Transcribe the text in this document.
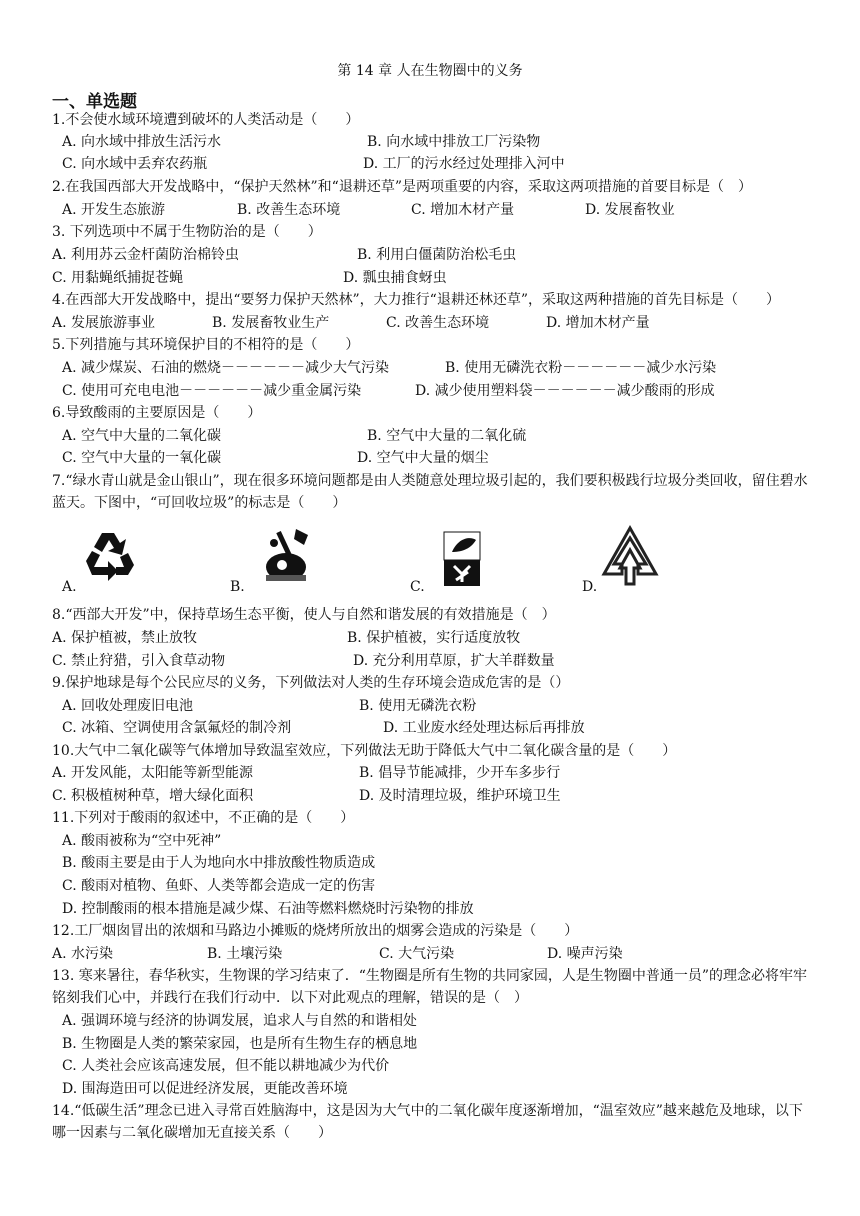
第 14 章 人在生物圈中的义务
一、单选题
1.不会使水域环境遭到破坏的人类活动是（　　）
A. 向水域中排放生活污水	B. 向水域中排放工厂污染物
C. 向水域中丢弃农药瓶	D. 工厂的污水经过处理排入河中
2.在我国西部大开发战略中，“保护天然林”和“退耕还草”是两项重要的内容，采取这两项措施的首要目标是（　）
A. 开发生态旅游	B. 改善生态环境	C. 增加木材产量	D. 发展畜牧业
3. 下列选项中不属于生物防治的是（　　）
A. 利用苏云金杆菌防治棉铃虫	B. 利用白僵菌防治松毛虫
C. 用黏蝇纸捕捉苍蝇	D. 瓢虫捕食蚜虫
4.在西部大开发战略中，提出“要努力保护天然林”，大力推行“退耕还林还草”，采取这两种措施的首先目标是（　　）
A. 发展旅游事业	B. 发展畜牧业生产	C. 改善生态环境	D. 增加木材产量
5.下列措施与其环境保护目的不相符的是（　　）
A. 减少煤炭、石油的燃烧－－－－－－减少大气污染	B. 使用无磷洗衣粉－－－－－－减少水污染
C. 使用可充电电池－－－－－－减少重金属污染	D. 减少使用塑料袋－－－－－－减少酸雨的形成
6.导致酸雨的主要原因是（　　）
A. 空气中大量的二氧化碳	B. 空气中大量的二氧化硫
C. 空气中大量的一氧化碳	D. 空气中大量的烟尘
7.“绿水青山就是金山银山”，现在很多环境问题都是由人类随意处理垃圾引起的，我们要积极践行垃圾分类回收，留住碧水蓝天。下图中，“可回收垃圾”的标志是（　　）
A.	B.	C.	D.
8.“西部大开发”中，保持草场生态平衡，使人与自然和谐发展的有效措施是（　）
A. 保护植被，禁止放牧	B. 保护植被，实行适度放牧
C. 禁止狩猎，引入食草动物	D. 充分利用草原，扩大羊群数量
9.保护地球是每个公民应尽的义务，下列做法对人类的生存环境会造成危害的是（）
A. 回收处理废旧电池	B. 使用无磷洗衣粉
C. 冰箱、空调使用含氯氟烃的制冷剂	D. 工业废水经处理达标后再排放
10.大气中二氧化碳等气体增加导致温室效应，下列做法无助于降低大气中二氧化碳含量的是（　　）
A. 开发风能，太阳能等新型能源	B. 倡导节能减排，少开车多步行
C. 积极植树种草，增大绿化面积	D. 及时清理垃圾，维护环境卫生
11.下列对于酸雨的叙述中，不正确的是（　　）
A. 酸雨被称为“空中死神”
B. 酸雨主要是由于人为地向水中排放酸性物质造成
C. 酸雨对植物、鱼虾、人类等都会造成一定的伤害
D. 控制酸雨的根本措施是减少煤、石油等燃料燃烧时污染物的排放
12.工厂烟囱冒出的浓烟和马路边小摊贩的烧烤所放出的烟雾会造成的污染是（　　）
A. 水污染	B. 土壤污染	C. 大气污染	D. 噪声污染
13. 寒来暑往，春华秋实，生物课的学习结束了．“生物圈是所有生物的共同家园，人是生物圈中普通一员”的理念必将牢牢铭刻我们心中，并践行在我们行动中．以下对此观点的理解，错误的是（　）
A. 强调环境与经济的协调发展，追求人与自然的和谐相处
B. 生物圈是人类的繁荣家园，也是所有生物生存的栖息地
C. 人类社会应该高速发展，但不能以耕地减少为代价
D. 围海造田可以促进经济发展，更能改善环境
14.“低碳生活”理念已进入寻常百姓脑海中，这是因为大气中的二氧化碳年度逐渐增加，“温室效应”越来越危及地球，以下哪一因素与二氧化碳增加无直接关系（　　）
